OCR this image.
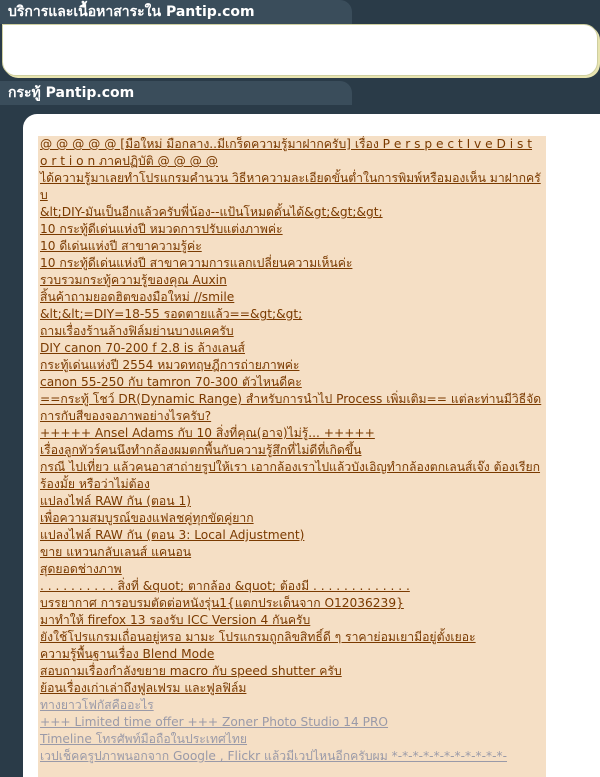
บริการและเนื้อหาสาระใน Pantip.com
กระทู้ Pantip.com
@ @ @ @ @ [มือใหม่ มือกลาง..มีเกร็ดความรู้มาฝากครับ] เรื่อง P e r s p e c t I v e D i s t o r t i o n ภาคปฏิบัติ @ @ @ @
ได้ความรู้มาเลยทำโปรแกรมคำนวน วิธีหาความละเอียดขั้นต่ำในการพิมพ์หรือมองเห็น มาฝากครับ
&lt;DIY-มันเป็นอีกแล้วครับพี่น้อง--แป้นโหมดดั้นได้&gt;&gt;&gt;
10 กระทู้ดีเด่นแห่งปี หมวดการปรับแต่งภาพค่ะ
10 ดีเด่นแห่งปี สาขาความรู้ค่ะ
10 กระทู้ดีเด่นแห่งปี สาขาความการแลกเปลี่ยนความเห็นค่ะ
รวบรวมกระทู้ความรู้ของคุณ Auxin
สิ้นค้าถามยอดฮิตของมือใหม่ //smile
&lt;&lt;=DIY=18-55 รอดตายแล้ว==&gt;&gt;
ถามเรื่องร้านล้างฟิล์มย่านบางแคครับ
DIY canon 70-200 f 2.8 is ล้างเลนส์
กระทู้เด่นแห่งปี 2554 หมวดทฤษฎีการถ่ายภาพค่ะ
canon 55-250 กับ tamron 70-300 ตัวไหนดีคะ
==กระทู้ โชว์ DR(Dynamic Range) สำหรับการนำไป Process เพิ่มเติม== แต่ละท่านมีวิธีจัดการกับสีของจอภาพอย่างไรครับ?
+++++ Ansel Adams กับ 10 สิ่งที่คุณ(อาจ)ไม่รู้... +++++
เรื่องลูกทัวร์คนนึงทำกล้องผมตกพื้นกับความรู้สึกที่ไม่ดีที่เกิดขึ้น
กรณี ไปเที่ยว แล้วคนอาสาถ่ายรูปให้เรา เอากล้องเราไปแล้วบังเอิญทำกล้องตกเลนส์เจ๊ง ต้องเรียกร้องมั้ย หรือว่าไม่ต้อง
แปลงไฟล์ RAW กัน (ตอน 1)
เพื่อความสมบูรณ์ของแฟลชคู่ทุกขัดคู่ยาก
แปลงไฟล์ RAW กัน (ตอน 3: Local Adjustment)
ขาย แหวนกลับเลนส์ แคนอน
สุดยอดช่างภาพ
. . . . . . . . . . สิ่งที่ &quot; ตากล้อง &quot; ต้องมี . . . . . . . . . . . . .
บรรยากาศ การอบรมตัดต่อหนังรุ่น1{แตกประเด็นจาก O12036239}
มาทำให้ firefox 13 รองรับ ICC Version 4 กันครับ
ยังใช้โปรแกรมเถื่อนอยู่หรอ มามะ โปรแกรมถูกลิขสิทธิ์ดี ๆ ราคาย่อมเยามีอยู่ตั้งเยอะ
ความรู้พื้นฐานเรื่อง Blend Mode
สอบถามเรื่องกำลังขยาย macro กับ speed shutter ครับ
ย้อนเรื่องเก่าเล่าถึงฟูลเฟรม และฟูลฟิล์ม
ทางยาวโฟกัสคืออะไร
+++ Limited time offer +++ Zoner Photo Studio 14 PRO
Timeline โทรศัพท์มือถือในประเทศไทย
เวปเช็คครูปภาพนอกจาก Google , Flickr แล้วมีเวปไหนอีกครับผม *-*-*-*-*-*-*-*-*-*-*-
